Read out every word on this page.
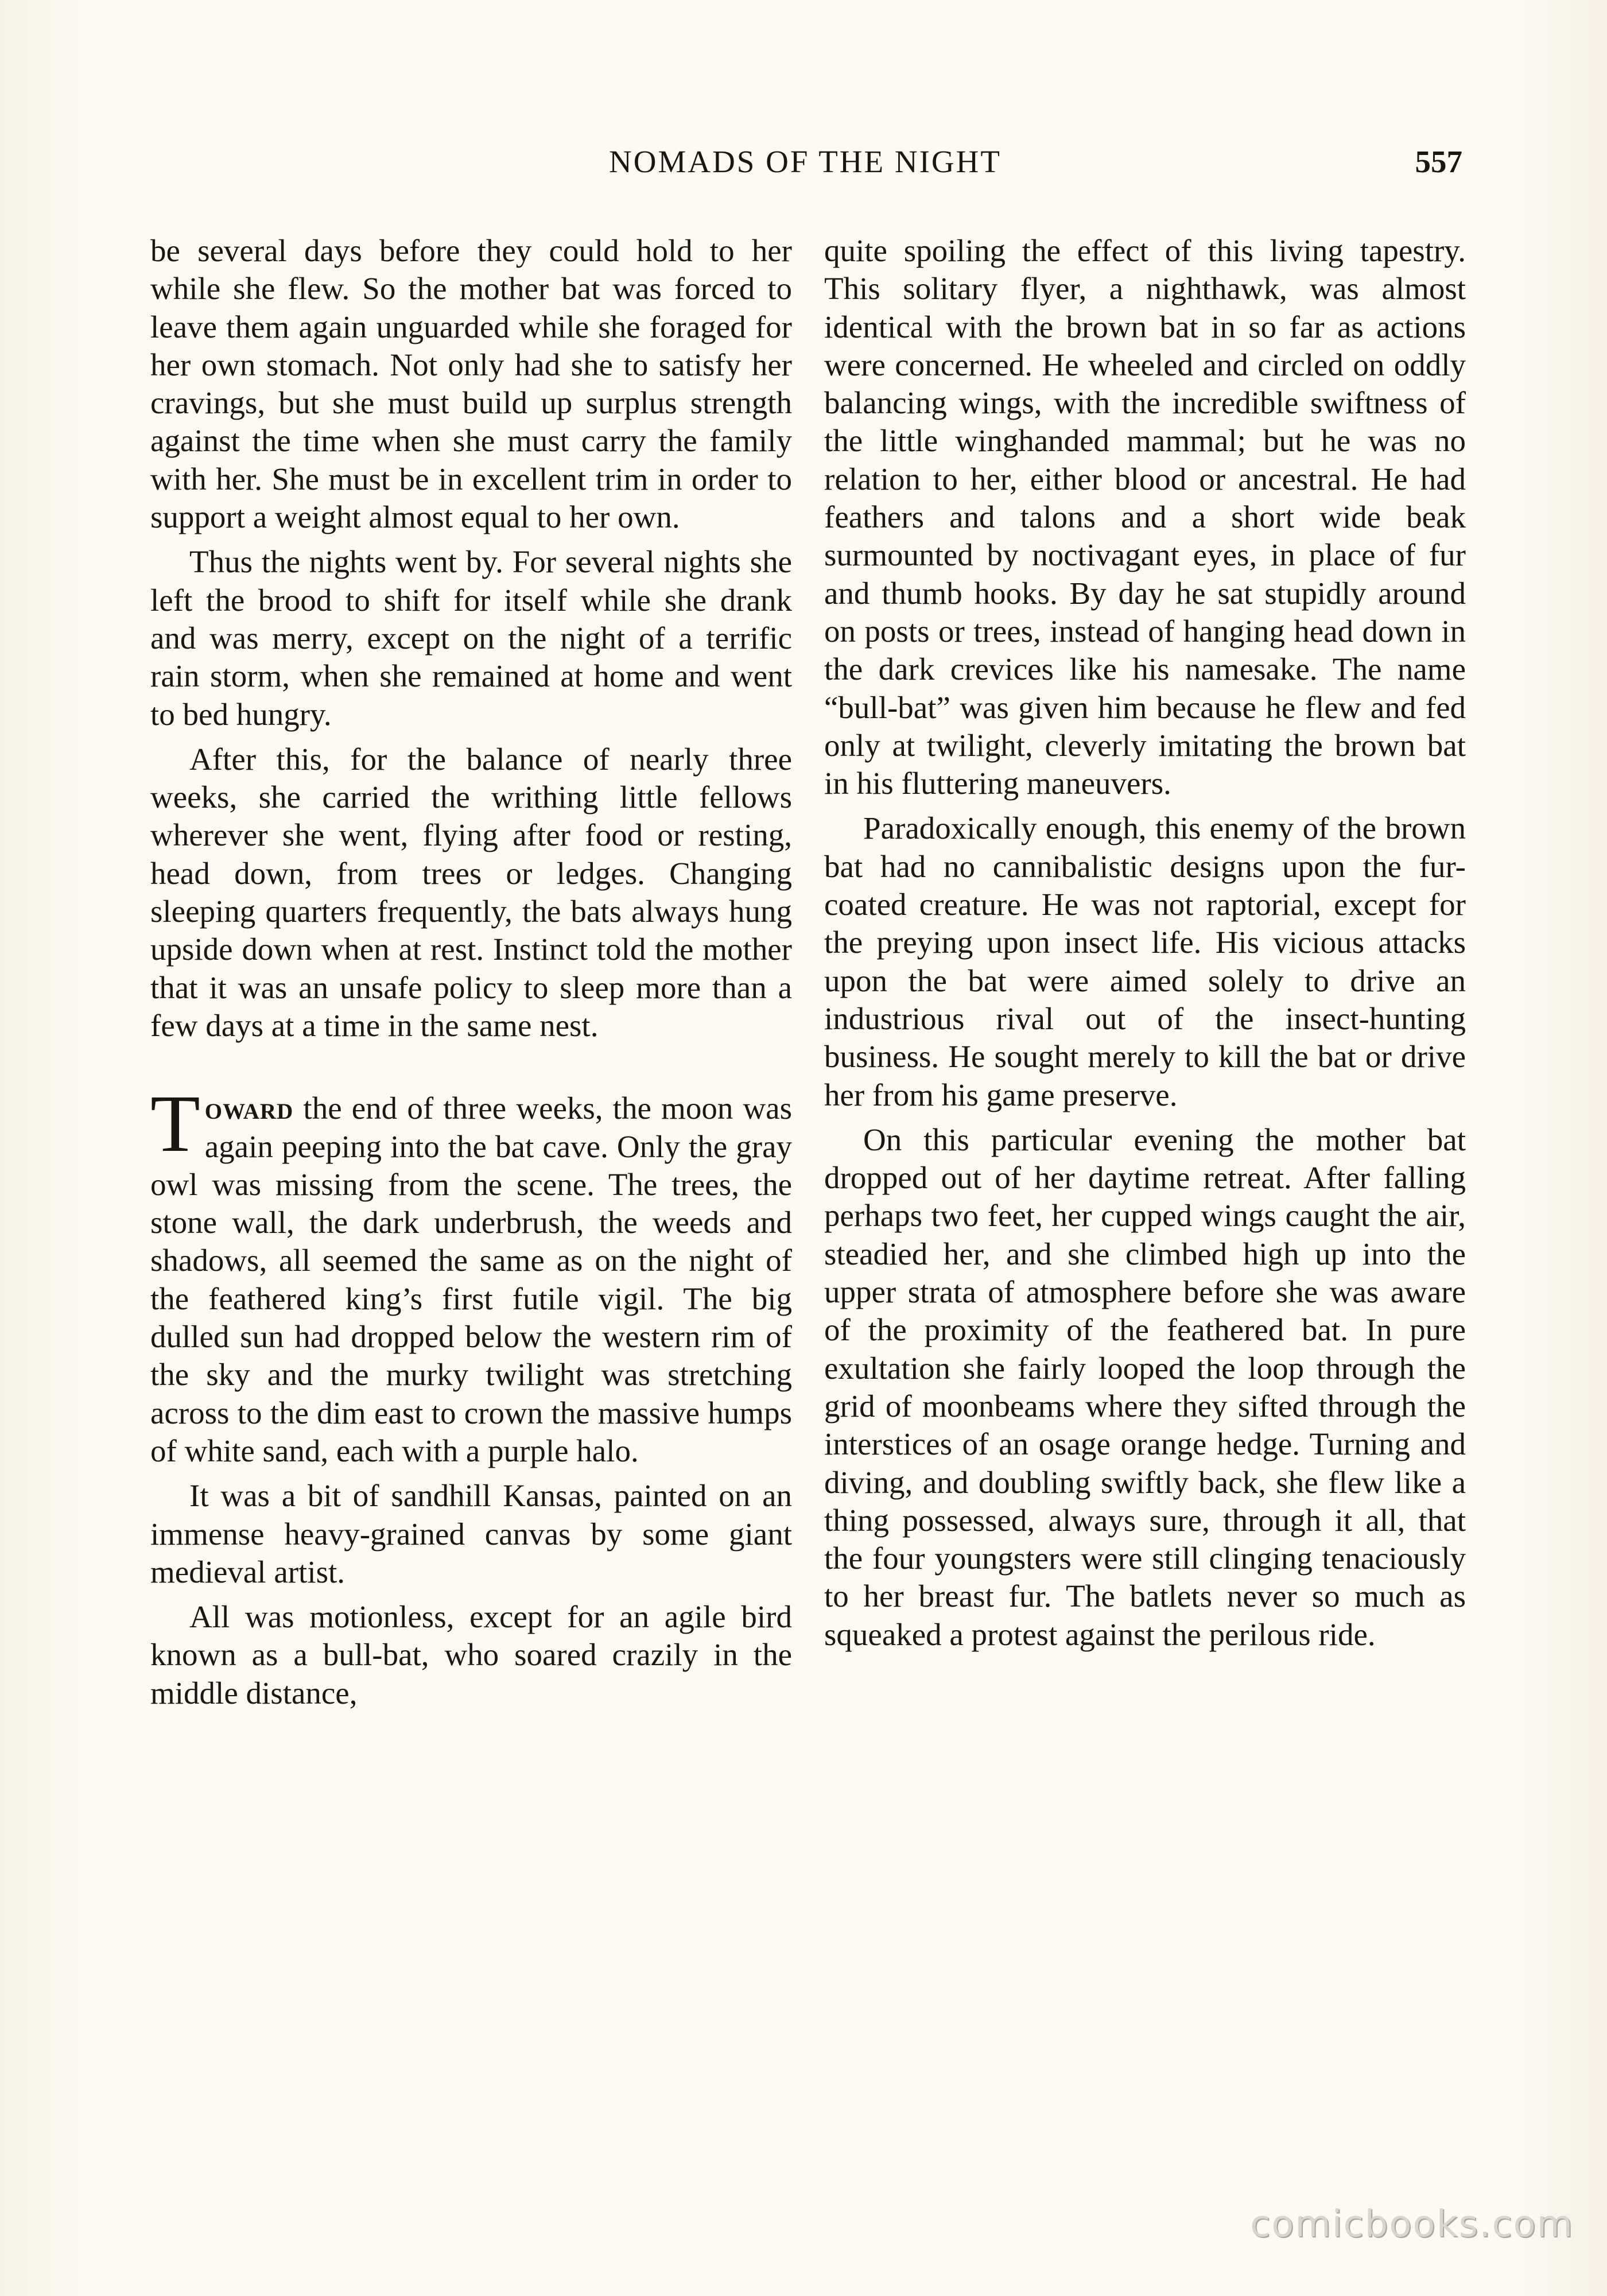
NOMADS OF THE NIGHT	557

be several days before they could hold to her while she flew. So the mother bat was forced to leave them again unguarded while she foraged for her own stomach. Not only had she to satisfy her cravings, but she must build up surplus strength against the time when she must carry the family with her. She must be in excellent trim in order to support a weight almost equal to her own.

Thus the nights went by. For several nights she left the brood to shift for itself while she drank and was merry, except on the night of a terrific rain storm, when she remained at home and went to bed hungry.

After this, for the balance of nearly three weeks, she carried the writhing little fellows wherever she went, flying after food or resting, head down, from trees or ledges. Changing sleeping quarters frequently, the bats always hung upside down when at rest. Instinct told the mother that it was an unsafe policy to sleep more than a few days at a time in the same nest.

Toward the end of three weeks, the moon was again peeping into the bat cave. Only the gray owl was missing from the scene. The trees, the stone wall, the dark underbrush, the weeds and shadows, all seemed the same as on the night of the feathered king’s first futile vigil. The big dulled sun had dropped below the western rim of the sky and the murky twilight was stretching across to the dim east to crown the massive humps of white sand, each with a purple halo.

It was a bit of sandhill Kansas, painted on an immense heavy-grained canvas by some giant medieval artist.

All was motionless, except for an agile bird known as a bull-bat, who soared crazily in the middle distance,

quite spoiling the effect of this living tapestry. This solitary flyer, a nighthawk, was almost identical with the brown bat in so far as actions were concerned. He wheeled and circled on oddly balancing wings, with the incredible swiftness of the little winghanded mammal; but he was no relation to her, either blood or ancestral. He had feathers and talons and a short wide beak surmounted by noctivagant eyes, in place of fur and thumb hooks. By day he sat stupidly around on posts or trees, instead of hanging head down in the dark crevices like his namesake. The name “bull-bat” was given him because he flew and fed only at twilight, cleverly imitating the brown bat in his fluttering maneuvers.

Paradoxically enough, this enemy of the brown bat had no cannibalistic designs upon the fur-coated creature. He was not raptorial, except for the preying upon insect life. His vicious attacks upon the bat were aimed solely to drive an industrious rival out of the insect-hunting business. He sought merely to kill the bat or drive her from his game preserve.

On this particular evening the mother bat dropped out of her daytime retreat. After falling perhaps two feet, her cupped wings caught the air, steadied her, and she climbed high up into the upper strata of atmosphere before she was aware of the proximity of the feathered bat. In pure exultation she fairly looped the loop through the grid of moonbeams where they sifted through the interstices of an osage orange hedge. Turning and diving, and doubling swiftly back, she flew like a thing possessed, always sure, through it all, that the four youngsters were still clinging tenaciously to her breast fur. The batlets never so much as squeaked a protest against the perilous ride.

comicbooks.com
